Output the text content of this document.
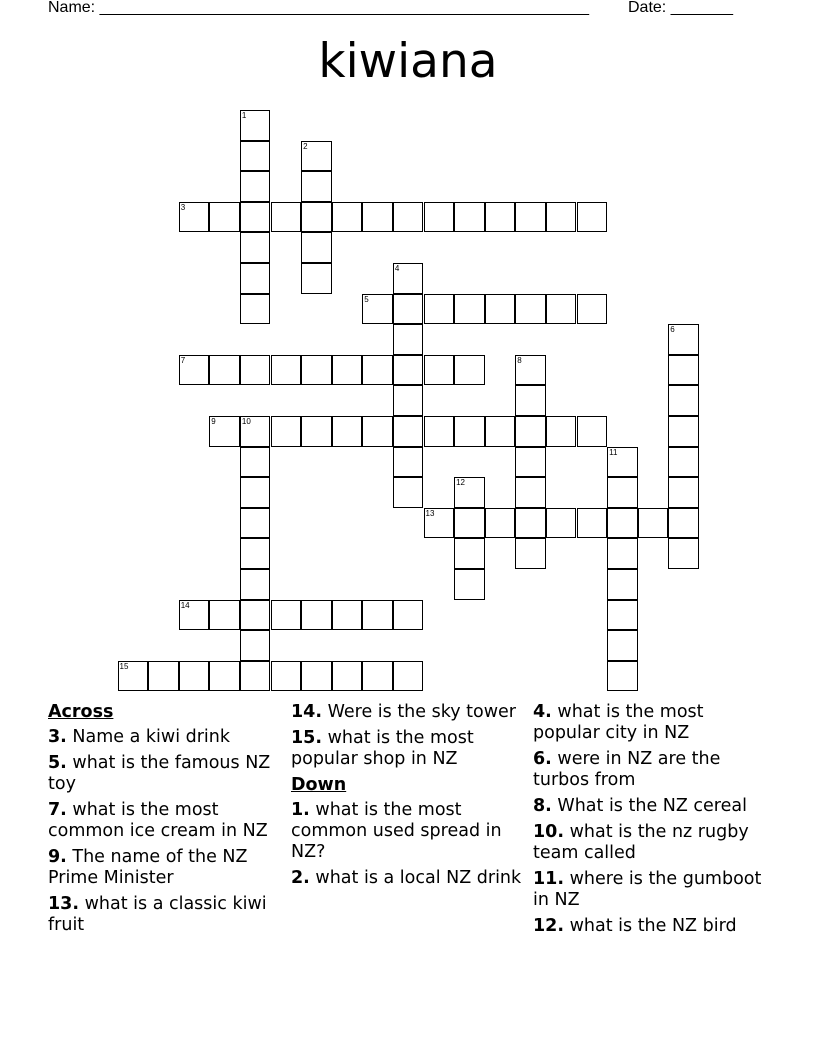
Name: _______________________________________________________ Date: _______
kiwiana
1
2
3
4
5
6
7	8
9	10
11
12
13
14
15
Across
3. Name a kiwi drink
5. what is the famous NZ toy
7. what is the most common ice cream in NZ
9. The name of the NZ Prime Minister
13. what is a classic kiwi fruit
14. Were is the sky tower
15. what is the most popular shop in NZ
Down
1. what is the most common used spread in NZ?
2. what is a local NZ drink
4. what is the most popular city in NZ
6. were in NZ are the turbos from
8. What is the NZ cereal
10. what is the nz rugby team called
11. where is the gumboot in NZ
12. what is the NZ bird
